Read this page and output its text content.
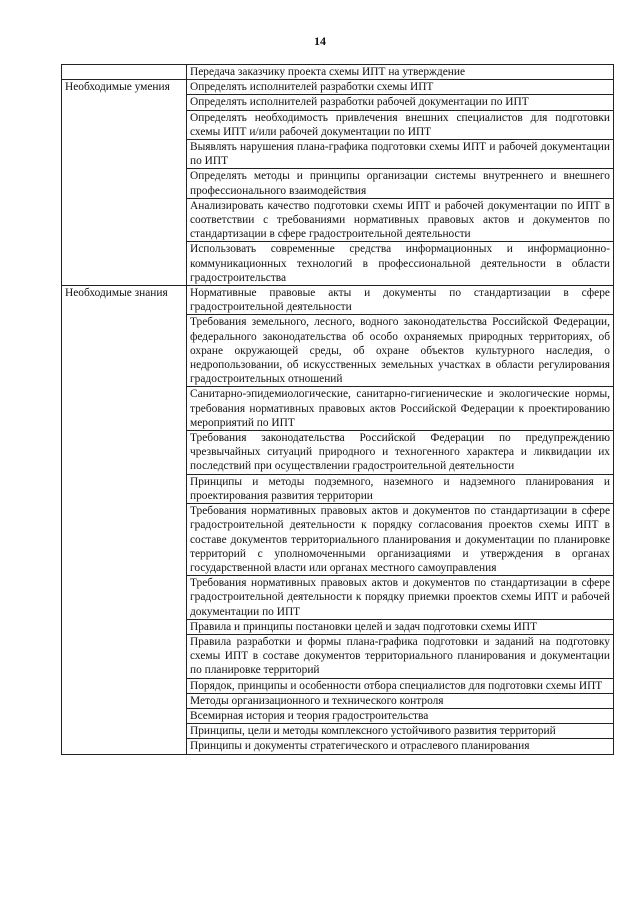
14
	Передача заказчику проекта схемы ИПТ на утверждение
Необходимые умения	Определять исполнителей разработки схемы ИПТ
	Определять исполнителей разработки рабочей документации по ИПТ
	Определять необходимость привлечения внешних специалистов для подготовки схемы ИПТ и/или рабочей документации по ИПТ
	Выявлять нарушения плана-графика подготовки схемы ИПТ и рабочей документации по ИПТ
	Определять методы и принципы организации системы внутреннего и внешнего профессионального взаимодействия
	Анализировать качество подготовки схемы ИПТ и рабочей документации по ИПТ в соответствии с требованиями нормативных правовых актов и документов по стандартизации в сфере градостроительной деятельности
	Использовать современные средства информационных и информационно-коммуникационных технологий в профессиональной деятельности в области градостроительства
Необходимые знания	Нормативные правовые акты и документы по стандартизации в сфере градостроительной деятельности
	Требования земельного, лесного, водного законодательства Российской Федерации, федерального законодательства об особо охраняемых природных территориях, об охране окружающей среды, об охране объектов культурного наследия, о недропользовании, об искусственных земельных участках в области регулирования градостроительных отношений
	Санитарно-эпидемиологические, санитарно-гигиенические и экологические нормы, требования нормативных правовых актов Российской Федерации к проектированию мероприятий по ИПТ
	Требования законодательства Российской Федерации по предупреждению чрезвычайных ситуаций природного и техногенного характера и ликвидации их последствий при осуществлении градостроительной деятельности
	Принципы и методы подземного, наземного и надземного планирования и проектирования развития территории
	Требования нормативных правовых актов и документов по стандартизации в сфере градостроительной деятельности к порядку согласования проектов схемы ИПТ в составе документов территориального планирования и документации по планировке территорий с уполномоченными организациями и утверждения в органах государственной власти или органах местного самоуправления
	Требования нормативных правовых актов и документов по стандартизации в сфере градостроительной деятельности к порядку приемки проектов схемы ИПТ и рабочей документации по ИПТ
	Правила и принципы постановки целей и задач подготовки схемы ИПТ
	Правила разработки и формы плана-графика подготовки и заданий на подготовку схемы ИПТ в составе документов территориального планирования и документации по планировке территорий
	Порядок, принципы и особенности отбора специалистов для подготовки схемы ИПТ
	Методы организационного и технического контроля
	Всемирная история и теория градостроительства
	Принципы, цели и методы комплексного устойчивого развития территорий
	Принципы и документы стратегического и отраслевого планирования
